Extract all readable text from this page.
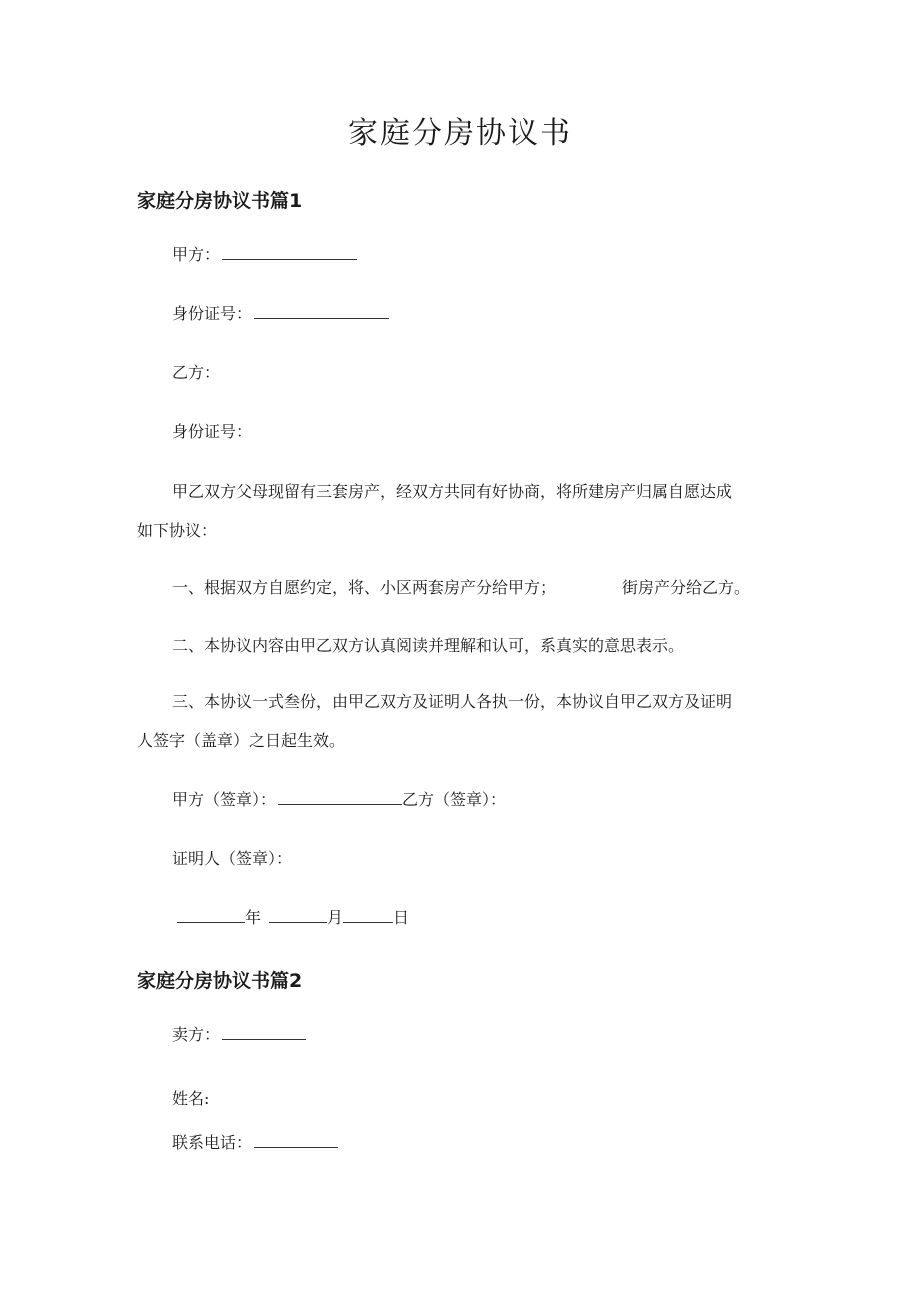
家庭分房协议书
家庭分房协议书篇1
甲方：
身份证号：
乙方：
身份证号：
甲乙双方父母现留有三套房产，经双方共同有好协商，将所建房产归属自愿达成
如下协议：
一、根据双方自愿约定，将、小区两套房产分给甲方；	街房产分给乙方。
二、本协议内容由甲乙双方认真阅读并理解和认可，系真实的意思表示。
三、本协议一式叁份，由甲乙双方及证明人各执一份，本协议自甲乙双方及证明
人签字（盖章）之日起生效。
甲方（签章）：	乙方（签章）：
证明人（签章）：
年	月	日
家庭分房协议书篇2
卖方：
姓名:
联系电话：
